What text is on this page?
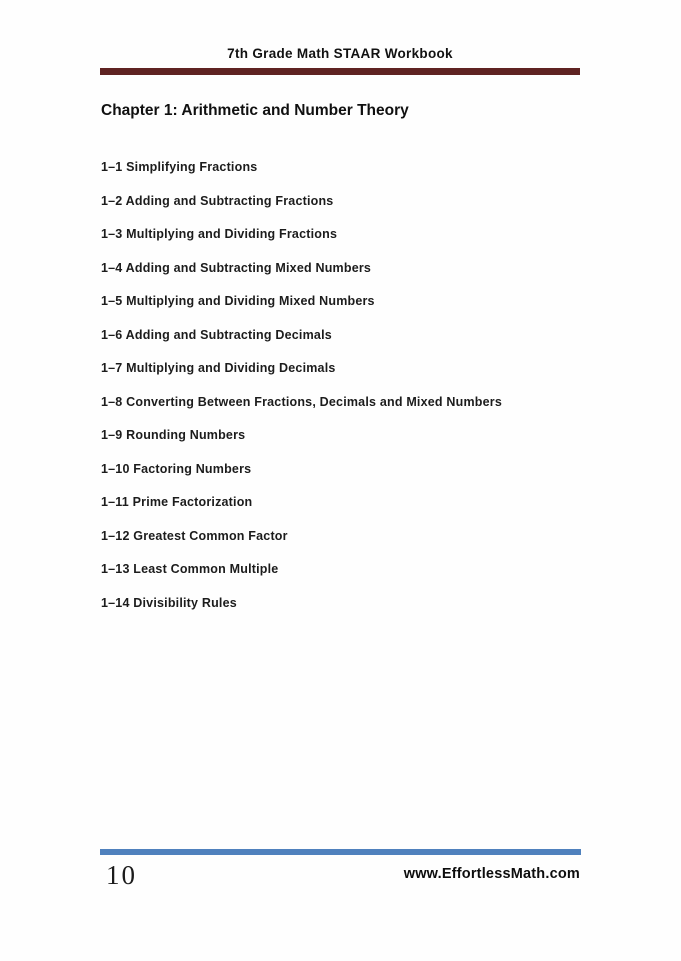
7th Grade Math STAAR Workbook
Chapter 1: Arithmetic and Number Theory
1–1 Simplifying Fractions
1–2 Adding and Subtracting Fractions
1–3 Multiplying and Dividing Fractions
1–4 Adding and Subtracting Mixed Numbers
1–5 Multiplying and Dividing Mixed Numbers
1–6 Adding and Subtracting Decimals
1–7 Multiplying and Dividing Decimals
1–8 Converting Between Fractions, Decimals and Mixed Numbers
1–9 Rounding Numbers
1–10 Factoring Numbers
1–11 Prime Factorization
1–12 Greatest Common Factor
1–13 Least Common Multiple
1–14 Divisibility Rules
10	www.EffortlessMath.com
